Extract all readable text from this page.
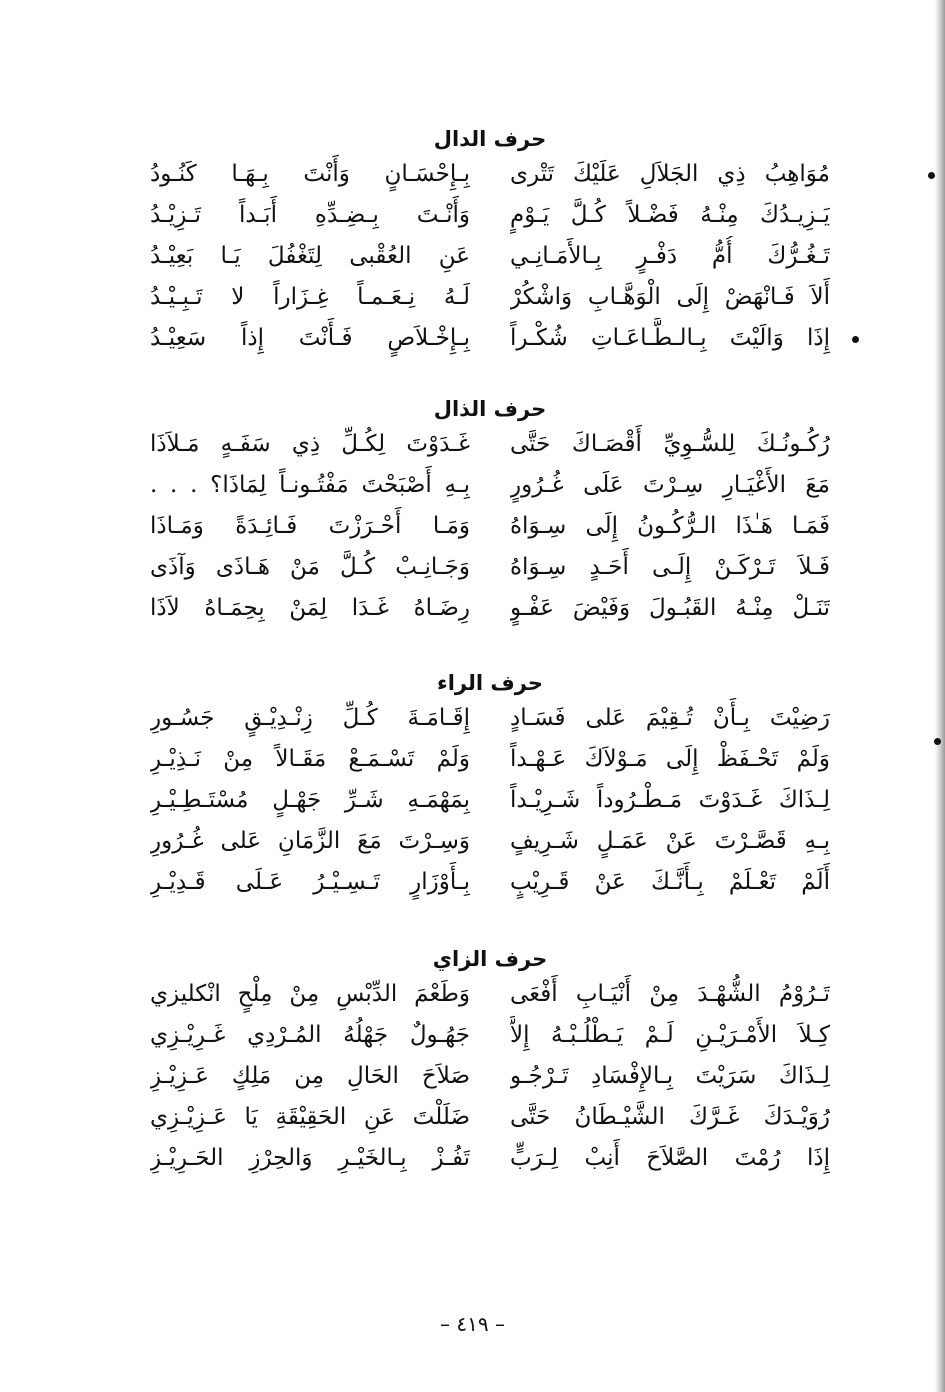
حرف الدال
مُوَاهِبُ ذِي الجَلاَلِ عَلَيْكَ تَتْرى
بِـإِحْسَـانٍ وَأَنْتَ بِـهَـا كَنُـودُ
يَـزِيـدُكَ مِنْـهُ فَضْـلاً كُـلَّ يَـوْمٍ
وَأَنْـتَ بِـضِـدِّهِ أَبَـداً تَـزِيْـدُ
تَـغُـرُّكَ أُمُّ دَفْـرٍ بِـالأَمَـانِـي
عَنِ العُقْبى لِتَغْفُلَ يَـا بَعِيْـدُ
أَلاَ فَـانْهَضْ إِلَى الْوَهَّـابِ وَاشْكُرْ
لَـهُ نِـعَـمـاً غِـزَاراً لا تَـبِـيْـدُ
إِذَا وَالَيْتَ بِـالـطَّـاعَـاتِ شُكْـراً
بِـإِخْـلاَصٍ فَـأَنْتَ إِذاً سَعِيْـدُ
حرف الذال
رُكُـونُـكَ لِلسُّـوِيِّ أَقْصَـاكَ حَتَّى
غَـدَوْتَ لِكُـلِّ ذِي سَفَـهٍ مَـلاَذَا
مَعَ الأَغْيَـارِ سِـرْتَ عَلَى غُـرُورٍ
بِـهِ أَصْبَحْتَ مَفْتُـونـاً لِمَاذَا؟ . . .
فَمَـا هَـٰذَا الـرُّكُـونُ إِلَى سِـوَاهُ
وَمَـا أَحْـرَزْتَ فَـائِـدَةً وَمَـاذَا
فَـلاَ تَـرْكَـنْ إِلَـى أَحَـدٍ سِـوَاهُ
وَجَـانِـبْ كُـلَّ مَنْ هَـاذَى وَآذَى
تَنَـلْ مِنْـهُ القَبُـولَ وَفَيْضَ عَفْـوٍ
رِضَـاهُ غَـدَا لِمَنْ بِحِمَـاهُ لاَذَا
حرف الراء
رَضِيْتَ بِـأَنْ تُـقِيْمَ عَلى فَسَـادٍ
إِقَـامَـةَ كُـلِّ زِنْـدِيْـقٍ جَسُـورِ
وَلَمْ تَحْـفَظْ إِلَى مَـوْلاَكَ عَـهْـداً
وَلَمْ تَسْـمَـعْ مَقَـالاً مِنْ نَـذِيْـرِ
لِـذَاكَ غَـدَوْتَ مَـطْـرُوداً شَـرِيْـداً
بِمَهْمَـهِ شَـرِّ جَهْـلٍ مُسْتَـطِـيْـرِ
بِـهِ قَصَّـرْتَ عَنْ عَمَـلٍ شَـرِيفٍ
وَسِـرْتَ مَعَ الزَّمَانِ عَلى غُـرُورِ
أَلَمْ تَعْـلَمْ بِـأَنَّـكَ عَنْ قَـرِيْبٍ
بِـأَوْزَارٍ تَـسِـيْـرُ عَـلَى قَـدِيْـرِ
حرف الزاي
تَـرُوْمُ الشُّهْـدَ مِنْ أَنْيَـابِ أَفْعَى
وَطَعْمَ الدِّبْسِ مِنْ مِلْحٍ انْكليزي
كِـلاَ الأَمْـرَيْـنِ لَـمْ يَـطْلُـبْـهُ إِلاَّ
جَهُـولٌ جَهْلُهُ المُـرْدِي غَـرِيْـزِي
لِـذَاكَ سَرَيْتَ بِـالإِفْسَادِ تَـرْجُـو
صَلاَحَ الحَالِ مِن مَلِكٍ عَـزِيْـزِ
رُوَيْـدَكَ غَـرَّكَ الشَّيْـطَانُ حَتَّى
ضَلَلْتَ عَنِ الحَقِيْقَةِ يَا عَـزِيْـزِي
إِذَا رُمْتَ الصَّلاَحَ أَنِبْ لِـرَبٍّ
تَفُـزْ بِـالخَيْـرِ وَالحِرْزِ الحَـرِيْـزِ
– ٤١٩ –
